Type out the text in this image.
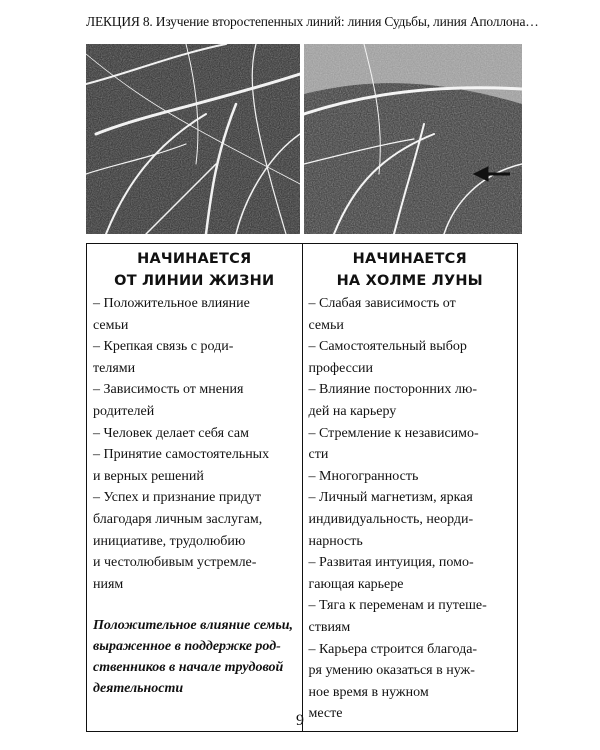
ЛЕКЦИЯ 8. Изучение второстепенных линий: линия Судьбы, линия Аполлона…
НАЧИНАЕТСЯ
ОТ ЛИНИИ ЖИЗНИ
– Положительное влияние
семьи
– Крепкая связь с роди-
телями
– Зависимость от мнения
родителей
– Человек делает себя сам
– Принятие самостоятельных
и верных решений
– Успех и признание придут
благодаря личным заслугам,
инициативе, трудолюбию
и честолюбивым устремле-
ниям
Положительное влияние семьи,
выраженное в поддержке род-
ственников в начале трудовой
деятельности

НАЧИНАЕТСЯ
НА ХОЛМЕ ЛУНЫ
– Слабая зависимость от
семьи
– Самостоятельный выбор
профессии
– Влияние посторонних лю-
дей на карьеру
– Стремление к независимо-
сти
– Многогранность
– Личный магнетизм, яркая
индивидуальность, неорди-
нарность
– Развитая интуиция, помо-
гающая карьере
– Тяга к переменам и путеше-
ствиям
– Карьера строится благода-
ря умению оказаться в нуж-
ное время в нужном
месте
9
